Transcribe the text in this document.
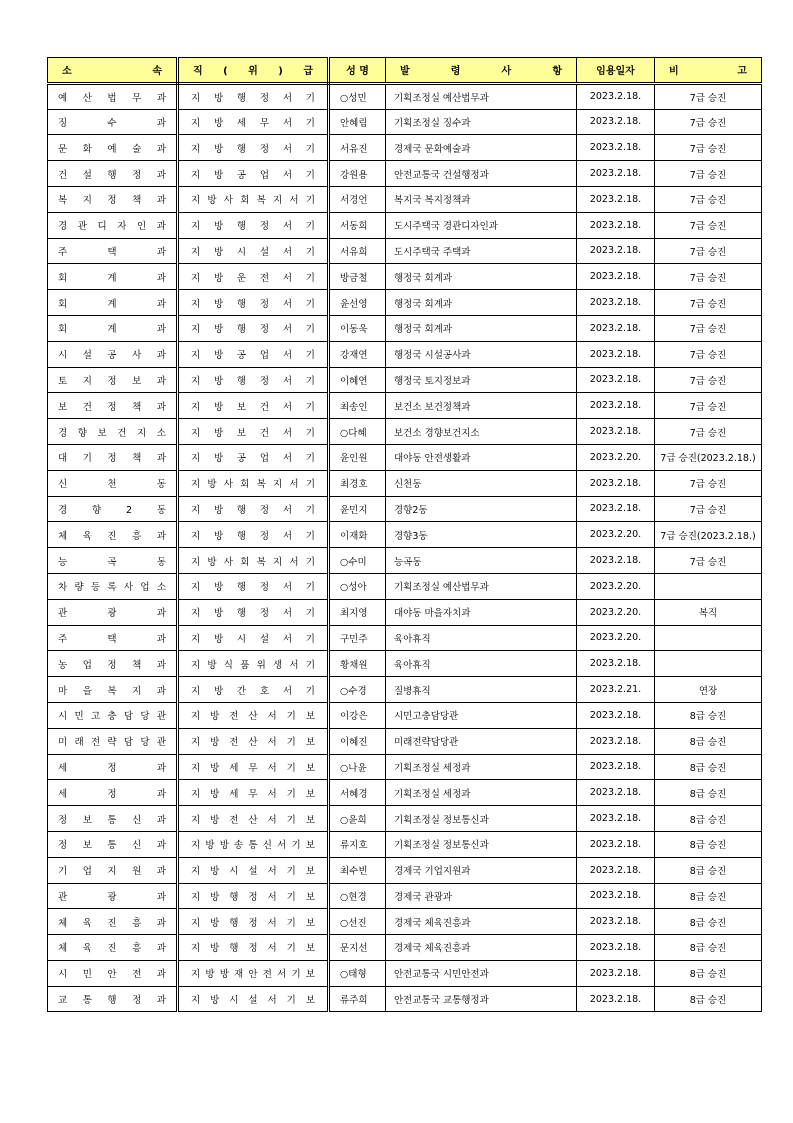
소 속	직 ( 위 ) 급	성 명	발 령 사 항	임용일자	비 고
예 산 법 무 과	지 방 행 정 서 기	○성민	기획조정실 예산법무과	2023.2.18.	7급 승진
징 수 과	지 방 세 무 서 기	안혜림	기획조정실 징수과	2023.2.18.	7급 승진
문 화 예 술 과	지 방 행 정 서 기	서유진	경제국 문화예술과	2023.2.18.	7급 승진
건 설 행 정 과	지 방 공 업 서 기	강원용	안전교통국 건설행정과	2023.2.18.	7급 승진
복 지 정 책 과	지 방 사 회 복 지 서 기	서경언	복지국 복지정책과	2023.2.18.	7급 승진
경 관 디 자 인 과	지 방 행 정 서 기	서동희	도시주택국 경관디자인과	2023.2.18.	7급 승진
주 택 과	지 방 시 설 서 기	서유희	도시주택국 주택과	2023.2.18.	7급 승진
회 계 과	지 방 운 전 서 기	방금철	행정국 회계과	2023.2.18.	7급 승진
회 계 과	지 방 행 정 서 기	윤선영	행정국 회계과	2023.2.18.	7급 승진
회 계 과	지 방 행 정 서 기	이동욱	행정국 회계과	2023.2.18.	7급 승진
시 설 공 사 과	지 방 공 업 서 기	강재연	행정국 시설공사과	2023.2.18.	7급 승진
토 지 정 보 과	지 방 행 정 서 기	이혜연	행정국 토지정보과	2023.2.18.	7급 승진
보 건 정 책 과	지 방 보 건 서 기	최송인	보건소 보건정책과	2023.2.18.	7급 승진
경 향 보 건 지 소	지 방 보 건 서 기	○다혜	보건소 경향보건지소	2023.2.18.	7급 승진
대 기 정 책 과	지 방 공 업 서 기	윤인원	대야동 안전생활과	2023.2.20.	7급 승진(2023.2.18.)
신 천 동	지 방 사 회 복 지 서 기	최경호	신천동	2023.2.18.	7급 승진
경 향 2 동	지 방 행 정 서 기	윤민지	경향2동	2023.2.18.	7급 승진
체 육 진 흥 과	지 방 행 정 서 기	이재화	경향3동	2023.2.20.	7급 승진(2023.2.18.)
능 곡 동	지 방 사 회 복 지 서 기	○수미	능곡동	2023.2.18.	7급 승진
차 량 등 록 사 업 소	지 방 행 정 서 기	○성아	기획조정실 예산법무과	2023.2.20.	
관 광 과	지 방 행 정 서 기	최지영	대야동 마을자치과	2023.2.20.	복직
주 택 과	지 방 시 설 서 기	구민주	육아휴직	2023.2.20.	
농 업 정 책 과	지 방 식 품 위 생 서 기	황채원	육아휴직	2023.2.18.	
마 을 복 지 과	지 방 간 호 서 기	○수경	질병휴직	2023.2.21.	연장
시 민 고 충 담 당 관	지 방 전 산 서 기 보	이강은	시민고충담당관	2023.2.18.	8급 승진
미 래 전 략 담 당 관	지 방 전 산 서 기 보	이혜진	미래전략담당관	2023.2.18.	8급 승진
세 정 과	지 방 세 무 서 기 보	○나윤	기획조정실 세정과	2023.2.18.	8급 승진
세 정 과	지 방 세 무 서 기 보	서혜경	기획조정실 세정과	2023.2.18.	8급 승진
정 보 통 신 과	지 방 전 산 서 기 보	○윤희	기획조정실 정보통신과	2023.2.18.	8급 승진
정 보 통 신 과	지 방 방 송 통 신 서 기 보	류지호	기획조정실 정보통신과	2023.2.18.	8급 승진
기 업 지 원 과	지 방 시 설 서 기 보	최수빈	경제국 기업지원과	2023.2.18.	8급 승진
관 광 과	지 방 행 정 서 기 보	○현경	경제국 관광과	2023.2.18.	8급 승진
체 육 진 흥 과	지 방 행 정 서 기 보	○선진	경제국 체육진흥과	2023.2.18.	8급 승진
체 육 진 흥 과	지 방 행 정 서 기 보	문지선	경제국 체육진흥과	2023.2.18.	8급 승진
시 민 안 전 과	지 방 방 재 안 전 서 기 보	○태형	안전교통국 시민안전과	2023.2.18.	8급 승진
교 통 행 정 과	지 방 시 설 서 기 보	류주희	안전교통국 교통행정과	2023.2.18.	8급 승진
